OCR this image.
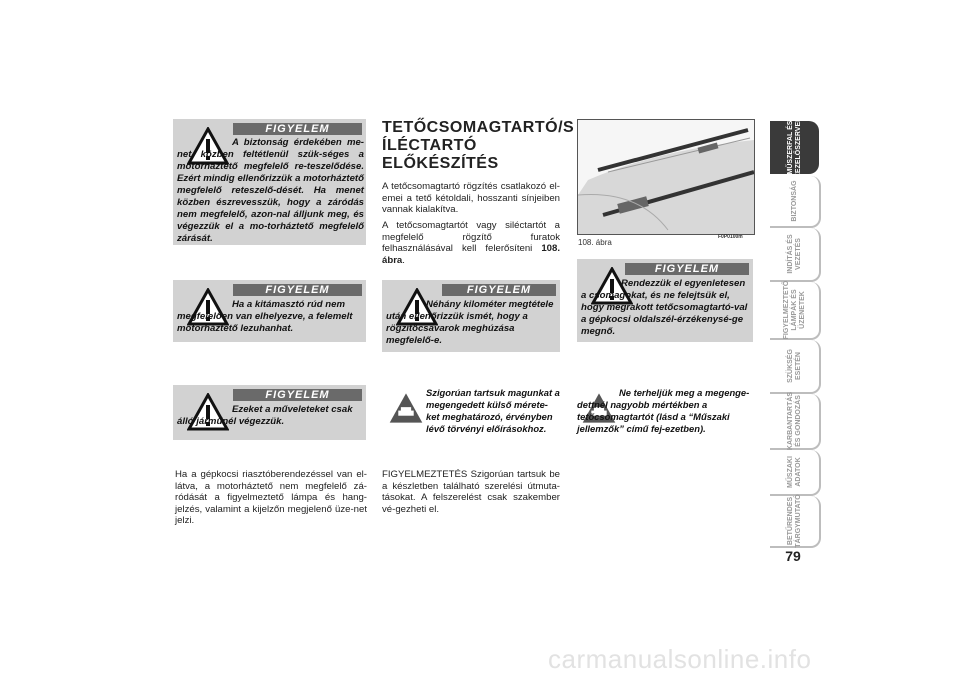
FIGYELEM
A biztonság érdekében me-net közben feltétlenül szük-séges a motorháztető megfelelő re-teszelődése. Ezért mindig ellenőrizzük a motorháztető megfelelő reteszelő-dését. Ha menet közben észrevesszük, hogy a záródás nem megfelelő, azon-nal álljunk meg, és végezzük el a mo-torháztető megfelelő zárását.
FIGYELEM
Ha a kitámasztó rúd nem megfelelően van elhelyezve, a felemelt motorháztető lezuhanhat.
FIGYELEM
Ezeket a műveleteket csak álló járműnél végezzük.
Ha a gépkocsi riasztóberendezéssel van el-látva, a motorháztető nem megfelelő zá-ródását a figyelmeztető lámpa és hang-jelzés, valamint a kijelzőn megjelenő üze-net jelzi.
TETŐCSOMAGTARTÓ/S
ÍLÉCTARTÓ
ELŐKÉSZÍTÉS
A tetőcsomagtartó rögzítés csatlakozó el-emei a tető kétoldali, hosszanti sínjeiben vannak kialakítva.
A tetőcsomagtartót vagy siléctartót a megfelelő rögzítő furatok felhasználásával kell felerősíteni 108. ábra.
FIGYELEM
Néhány kilométer megtétele után ellenőrizzük ismét, hogy a rögzítőcsavarok meghúzása megfelelő-e.
Szigorúan tartsuk magunkat a megengedett külső mérete-ket meghatározó, érvényben lévő törvényi előírásokhoz.
FIGYELMEZTETÉS Szigorúan tartsuk be a készletben található szerelési útmuta-tásokat. A felszerelést csak szakember vé-gezheti el.
108. ábra
F0P0100m
FIGYELEM
Rendezzük el egyenletesen a csomagokat, és ne felejtsük el, hogy megrakott tetőcsomagtartó-val a gépkocsi oldalszél-érzékenysé-ge megnő.
Ne terheljük meg a megenge-dettnél nagyobb mértékben a tetőcsomagtartót (lásd a “Műszaki jellemzők” című fej-ezetben).
MŰSZERFAL ÉS KEZELŐSZERVEK
BIZTONSÁG
INDÍTÁS ÉS VEZETÉS
FIGYELMEZTETŐ LÁMPÁK ÉS ÜZENETEK
SZÜKSÉG ESETÉN
KARBANTARTÁS ÉS GONDOZÁS
MŰSZAKI ADATOK
BETŰRENDES TÁRGYMUTATÓ
79
carmanualsonline.info
